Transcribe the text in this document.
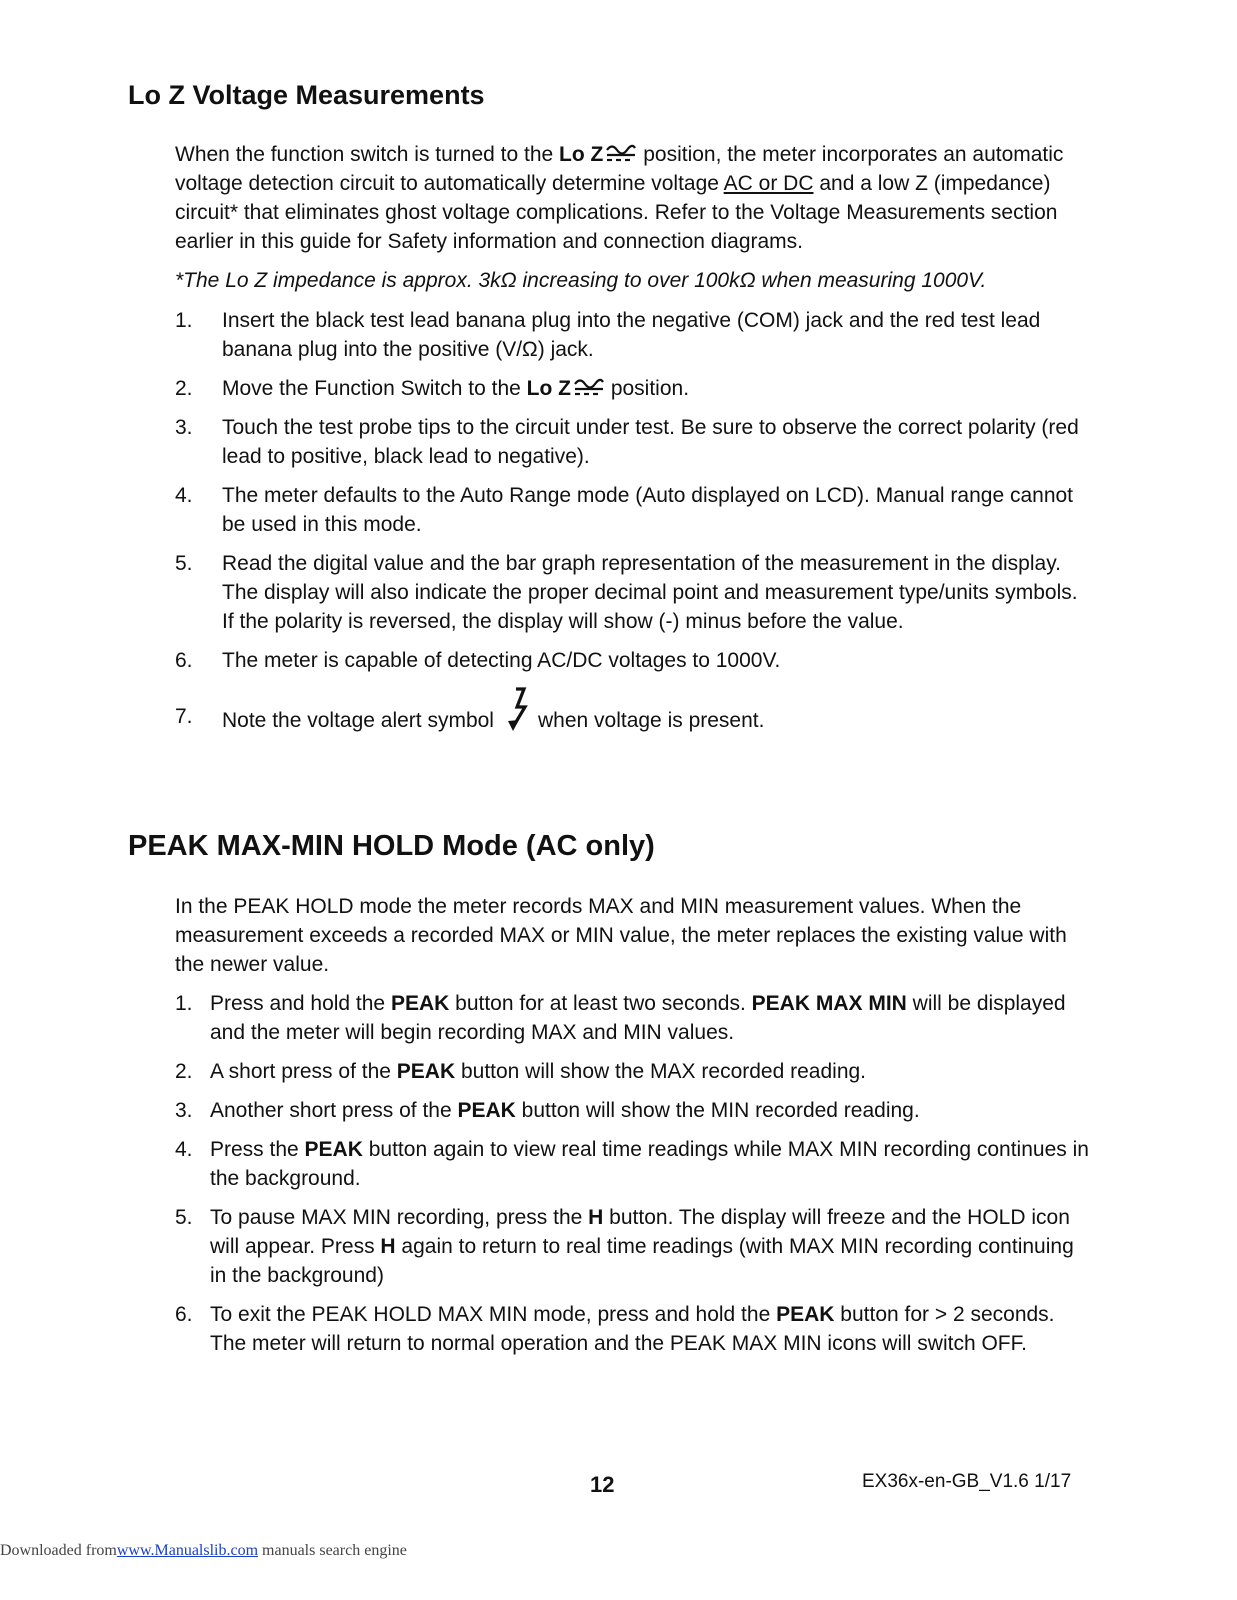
Lo Z Voltage Measurements

When the function switch is turned to the Lo Z position, the meter incorporates an automatic voltage detection circuit to automatically determine voltage AC or DC and a low Z (impedance) circuit* that eliminates ghost voltage complications. Refer to the Voltage Measurements section earlier in this guide for Safety information and connection diagrams.

*The Lo Z impedance is approx. 3kΩ increasing to over 100kΩ when measuring 1000V.

1.	Insert the black test lead banana plug into the negative (COM) jack and the red test lead banana plug into the positive (V/Ω) jack.
2.	Move the Function Switch to the Lo Z position.
3.	Touch the test probe tips to the circuit under test. Be sure to observe the correct polarity (red lead to positive, black lead to negative).
4.	The meter defaults to the Auto Range mode (Auto displayed on LCD). Manual range cannot be used in this mode.
5.	Read the digital value and the bar graph representation of the measurement in the display. The display will also indicate the proper decimal point and measurement type/units symbols. If the polarity is reversed, the display will show (-) minus before the value.
6.	The meter is capable of detecting AC/DC voltages to 1000V.
7.	Note the voltage alert symbol when voltage is present.
PEAK MAX-MIN HOLD Mode (AC only)

In the PEAK HOLD mode the meter records MAX and MIN measurement values. When the measurement exceeds a recorded MAX or MIN value, the meter replaces the existing value with the newer value.

1. Press and hold the PEAK button for at least two seconds. PEAK MAX MIN will be displayed and the meter will begin recording MAX and MIN values.
2. A short press of the PEAK button will show the MAX recorded reading.
3. Another short press of the PEAK button will show the MIN recorded reading.
4. Press the PEAK button again to view real time readings while MAX MIN recording continues in the background.
5. To pause MAX MIN recording, press the H button. The display will freeze and the HOLD icon will appear. Press H again to return to real time readings (with MAX MIN recording continuing in the background)
6. To exit the PEAK HOLD MAX MIN mode, press and hold the PEAK button for > 2 seconds. The meter will return to normal operation and the PEAK MAX MIN icons will switch OFF.
12	EX36x-en-GB_V1.6 1/17
Downloaded fromwww.Manualslib.com manuals search engine
